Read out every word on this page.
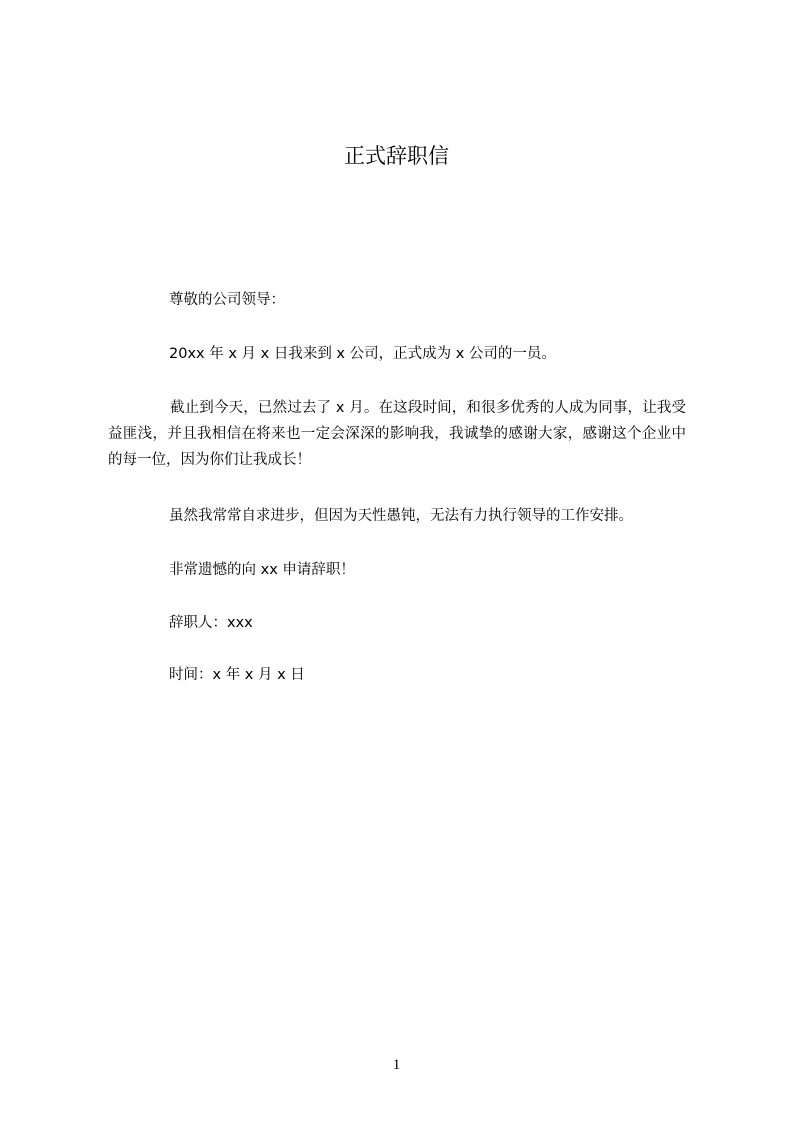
正式辞职信

尊敬的公司领导：

20xx 年 x 月 x 日我来到 x 公司，正式成为 x 公司的一员。

截止到今天，已然过去了 x 月。在这段时间，和很多优秀的人成为同事，让我受益匪浅，并且我相信在将来也一定会深深的影响我，我诚挚的感谢大家，感谢这个企业中的每一位，因为你们让我成长！

虽然我常常自求进步，但因为天性愚钝，无法有力执行领导的工作安排。

非常遗憾的向 xx 申请辞职！

辞职人：xxx

时间：x 年 x 月 x 日

1
